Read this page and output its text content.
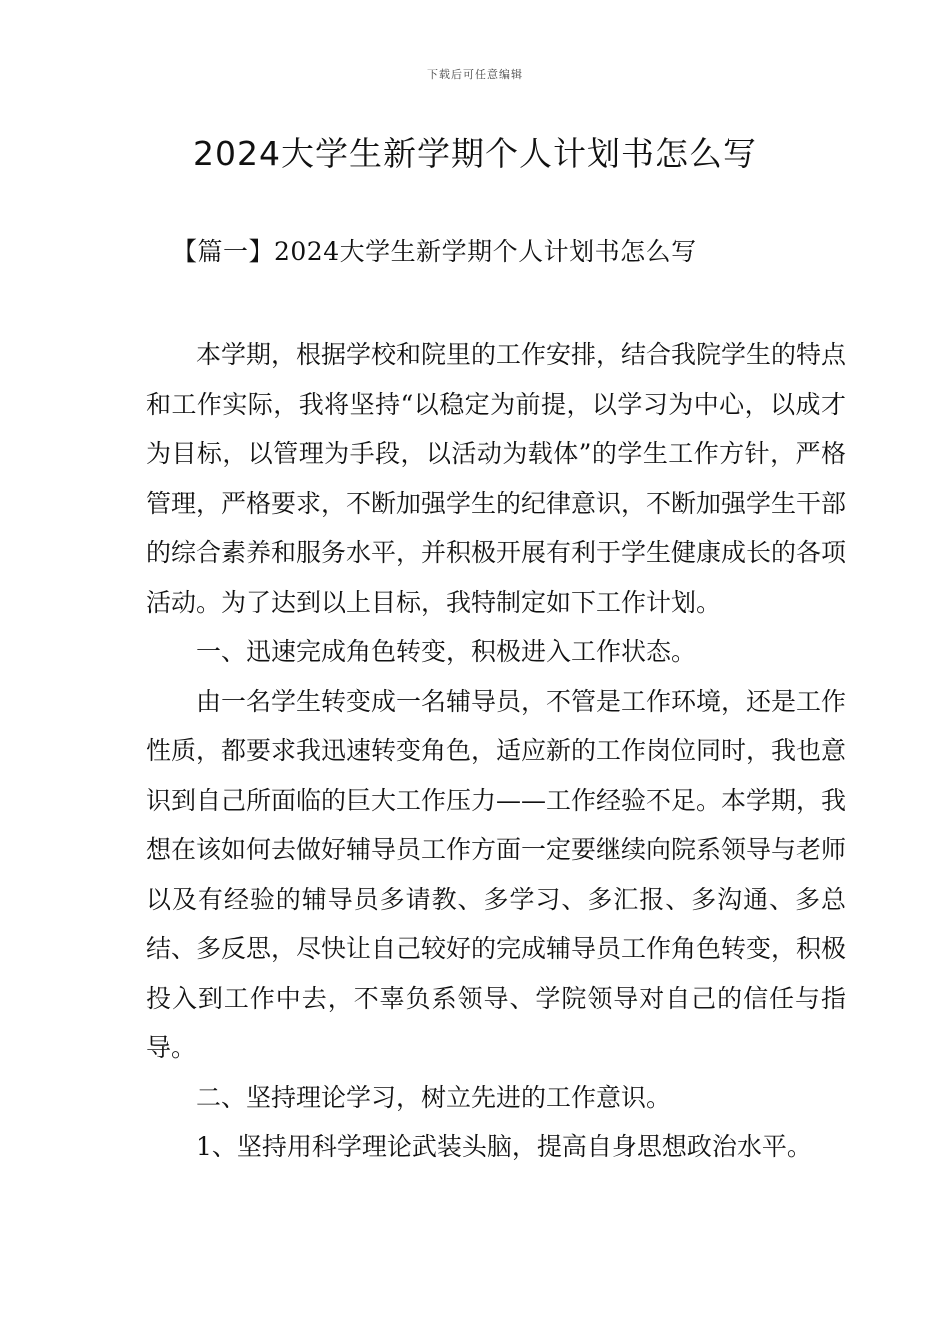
下载后可任意编辑
2024大学生新学期个人计划书怎么写
【篇一】2024大学生新学期个人计划书怎么写

本学期，根据学校和院里的工作安排，结合我院学生的特点和工作实际，我将坚持“以稳定为前提，以学习为中心，以成才为目标，以管理为手段，以活动为载体”的学生工作方针，严格管理，严格要求，不断加强学生的纪律意识，不断加强学生干部的综合素养和服务水平，并积极开展有利于学生健康成长的各项活动。为了达到以上目标，我特制定如下工作计划。

一、迅速完成角色转变，积极进入工作状态。

由一名学生转变成一名辅导员，不管是工作环境，还是工作性质，都要求我迅速转变角色，适应新的工作岗位同时，我也意识到自己所面临的巨大工作压力——工作经验不足。本学期，我想在该如何去做好辅导员工作方面一定要继续向院系领导与老师以及有经验的辅导员多请教、多学习、多汇报、多沟通、多总结、多反思，尽快让自己较好的完成辅导员工作角色转变，积极投入到工作中去，不辜负系领导、学院领导对自己的信任与指导。

二、坚持理论学习，树立先进的工作意识。

1、坚持用科学理论武装头脑，提高自身思想政治水平。
